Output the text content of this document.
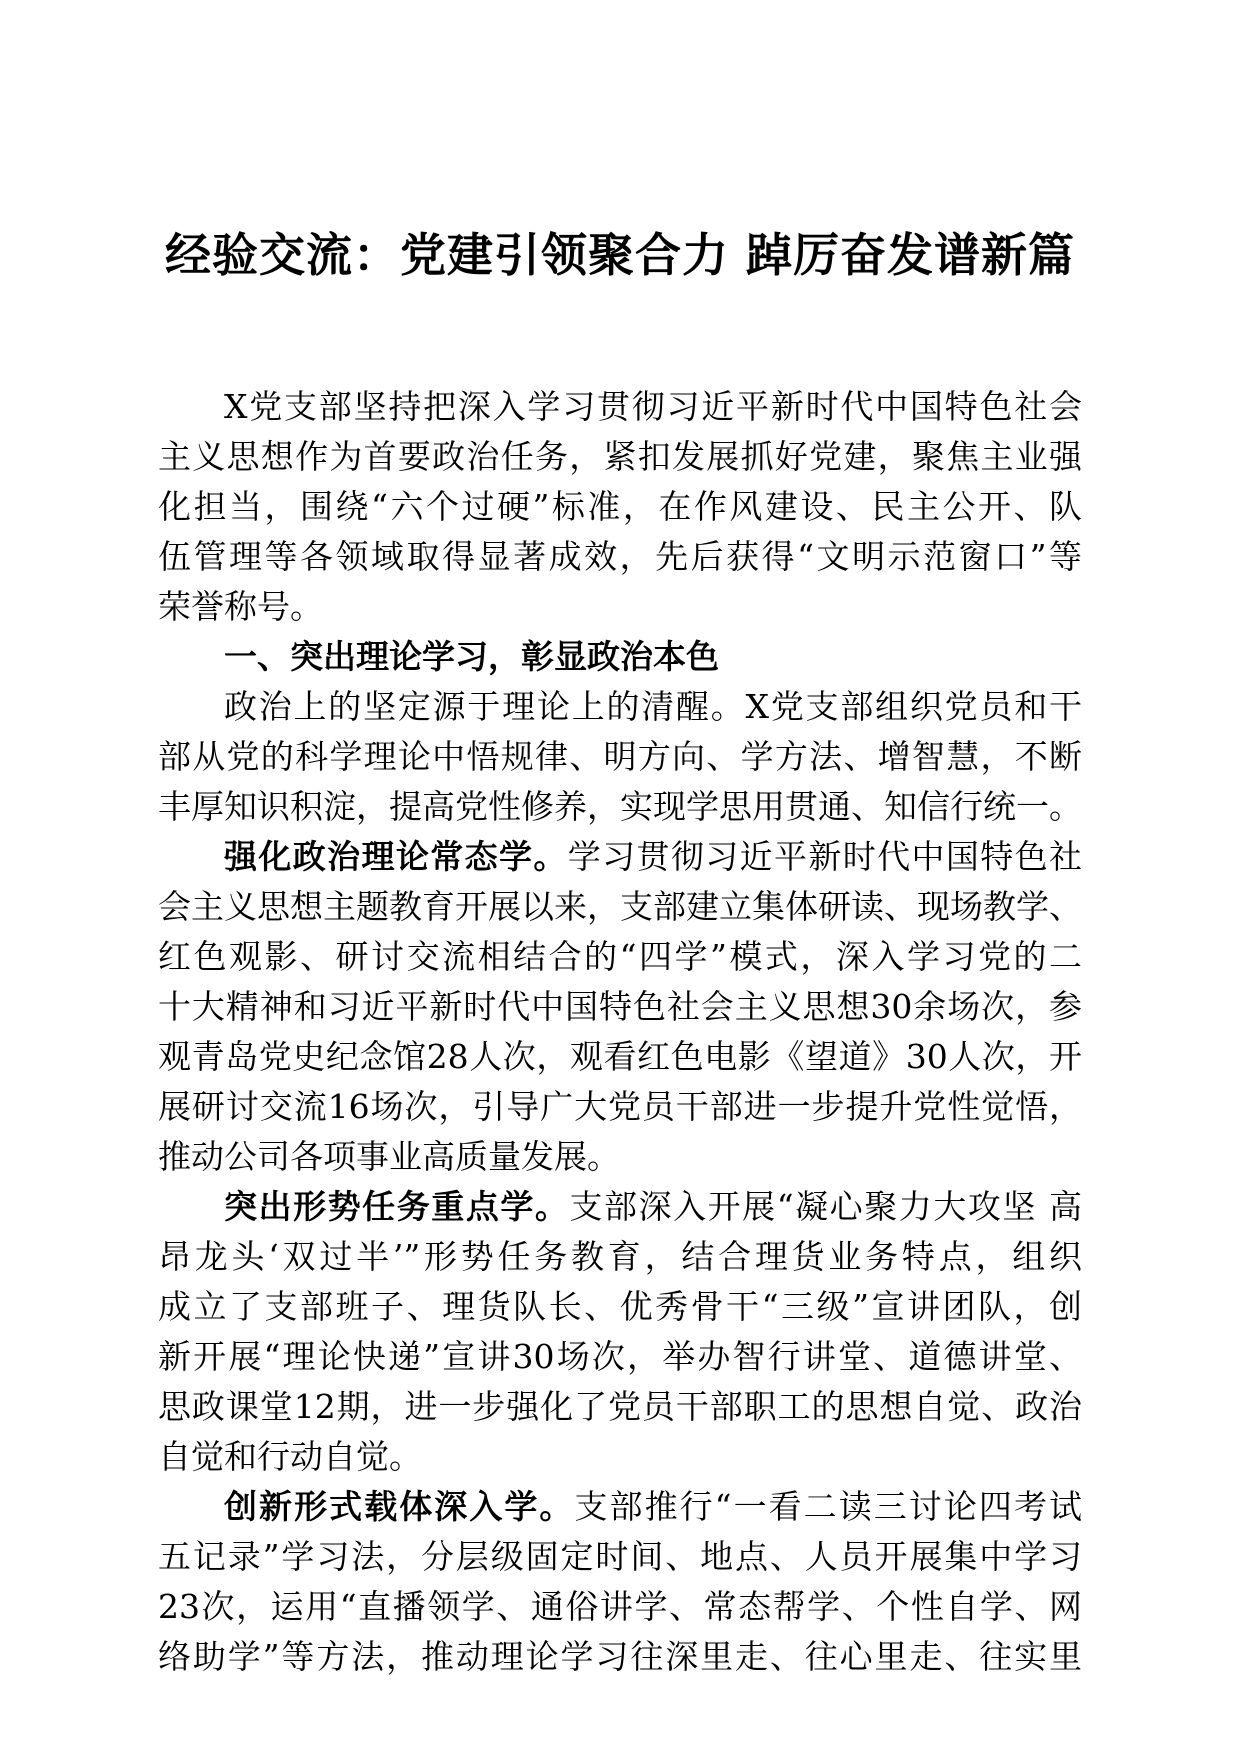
经验交流：党建引领聚合力 踔厉奋发谱新篇
X党支部坚持把深入学习贯彻习近平新时代中国特色社会
主义思想作为首要政治任务，紧扣发展抓好党建，聚焦主业强
化担当，围绕“六个过硬”标准，在作风建设、民主公开、队
伍管理等各领域取得显著成效，先后获得“文明示范窗口”等
荣誉称号。
一、突出理论学习，彰显政治本色
政治上的坚定源于理论上的清醒。X党支部组织党员和干
部从党的科学理论中悟规律、明方向、学方法、增智慧，不断
丰厚知识积淀，提高党性修养，实现学思用贯通、知信行统一。
强化政治理论常态学。学习贯彻习近平新时代中国特色社
会主义思想主题教育开展以来，支部建立集体研读、现场教学、
红色观影、研讨交流相结合的“四学”模式，深入学习党的二
十大精神和习近平新时代中国特色社会主义思想30余场次，参
观青岛党史纪念馆28人次，观看红色电影《望道》30人次，开
展研讨交流16场次，引导广大党员干部进一步提升党性觉悟，
推动公司各项事业高质量发展。
突出形势任务重点学。支部深入开展“凝心聚力大攻坚 高
昂龙头‘双过半’”形势任务教育，结合理货业务特点，组织
成立了支部班子、理货队长、优秀骨干“三级”宣讲团队，创
新开展“理论快递”宣讲30场次，举办智行讲堂、道德讲堂、
思政课堂12期，进一步强化了党员干部职工的思想自觉、政治
自觉和行动自觉。
创新形式载体深入学。支部推行“一看二读三讨论四考试
五记录”学习法，分层级固定时间、地点、人员开展集中学习
23次，运用“直播领学、通俗讲学、常态帮学、个性自学、网
络助学”等方法，推动理论学习往深里走、往心里走、往实里
